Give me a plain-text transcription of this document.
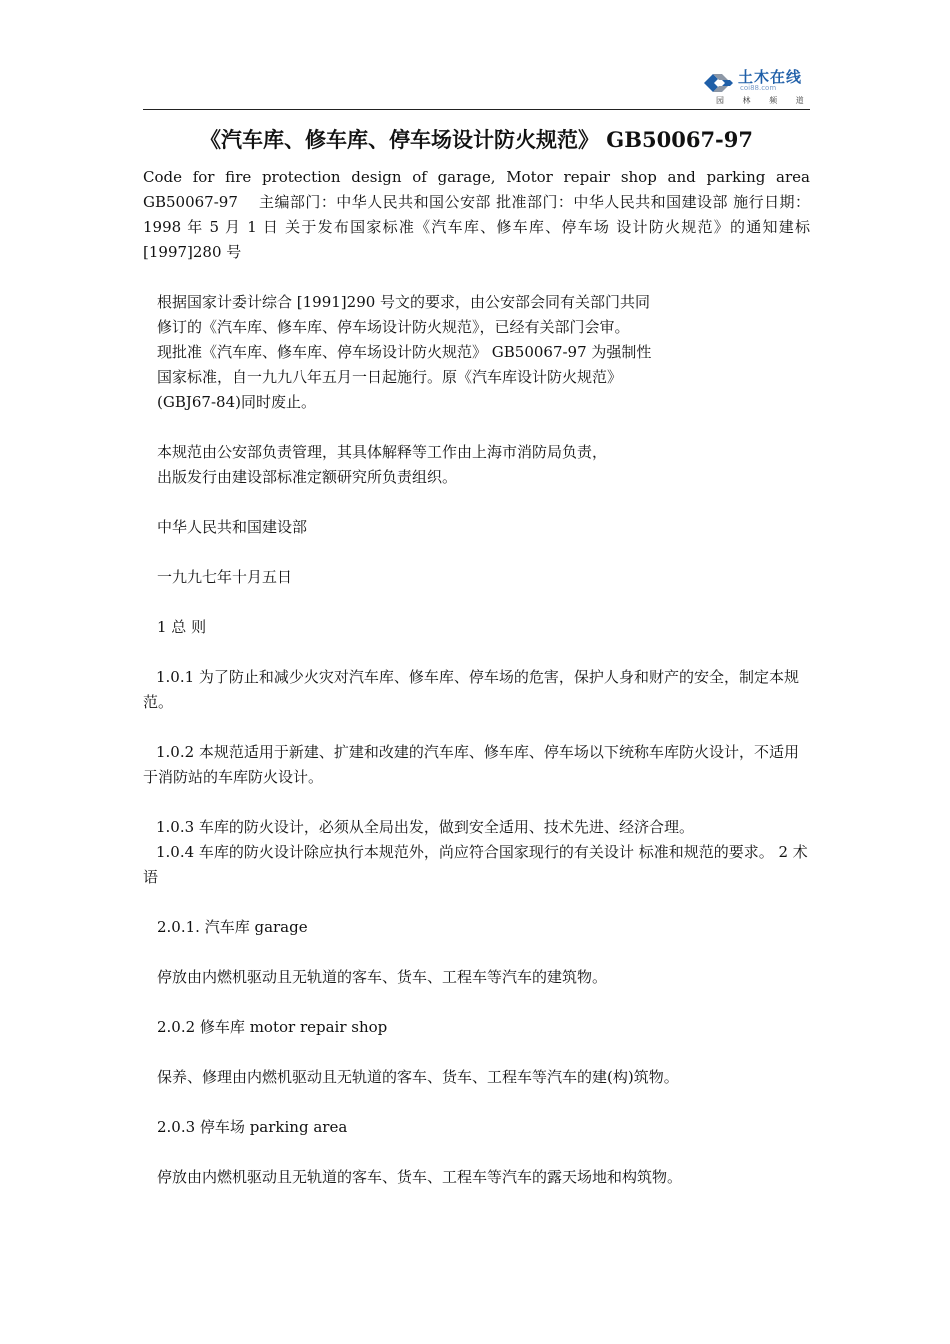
土木在线
coi88.com
园 林 频 道
《汽车库、修车库、停车场设计防火规范》 GB50067-97

Code for fire protection design of garage, Motor repair shop and parking area GB50067-97　 主编部门：中华人民共和国公安部 批准部门：中华人民共和国建设部 施行日期： 1998 年 5 月 1 日 关于发布国家标准《汽车库、修车库、停车场 设计防火规范》的通知建标[1997]280 号

根据国家计委计综合 [1991]290 号文的要求，由公安部会同有关部门共同
修订的《汽车库、修车库、停车场设计防火规范》，已经有关部门会审。
现批准《汽车库、修车库、停车场设计防火规范》 GB50067-97 为强制性
国家标准，自一九九八年五月一日起施行。原《汽车库设计防火规范》
(GBJ67-84)同时废止。

本规范由公安部负责管理，其具体解释等工作由上海市消防局负责，
出版发行由建设部标准定额研究所负责组织。

中华人民共和国建设部

一九九七年十月五日

1 总 则

1.0.1 为了防止和减少火灾对汽车库、修车库、停车场的危害，保护人身和财产的安全，制定本规范。

1.0.2 本规范适用于新建、扩建和改建的汽车库、修车库、停车场以下统称车库防火设计，不适用于消防站的车库防火设计。

1.0.3 车库的防火设计，必须从全局出发，做到安全适用、技术先进、经济合理。

1.0.4 车库的防火设计除应执行本规范外，尚应符合国家现行的有关设计 标准和规范的要求。 2 术 语

2.0.1. 汽车库 garage

停放由内燃机驱动且无轨道的客车、货车、工程车等汽车的建筑物。

2.0.2 修车库 motor repair shop

保养、修理由内燃机驱动且无轨道的客车、货车、工程车等汽车的建(构)筑物。

2.0.3 停车场 parking area

停放由内燃机驱动且无轨道的客车、货车、工程车等汽车的露天场地和构筑物。
